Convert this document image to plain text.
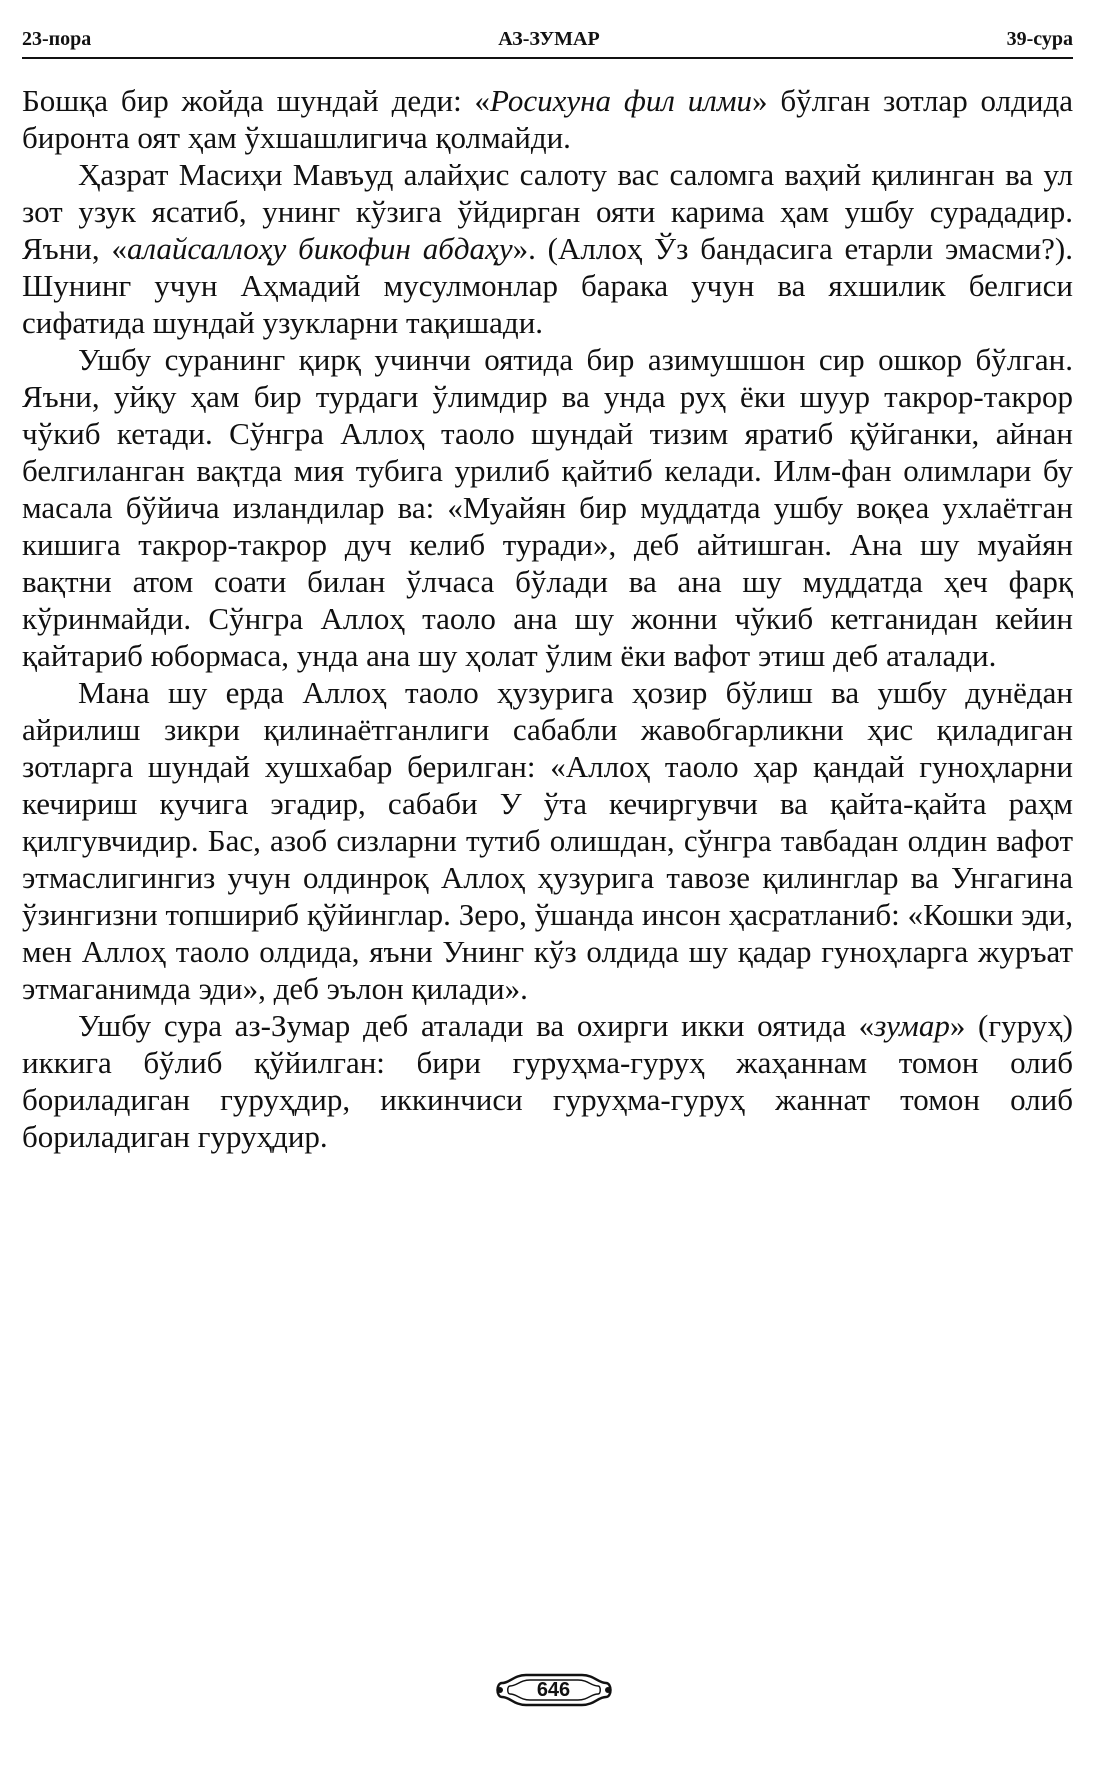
23-пора	АЗ-ЗУМАР	39-сура

Бошқа бир жойда шундай деди: «Росихуна фил илми» бўлган зотлар олдида биронта оят ҳам ўхшашлигича қолмайди.

Ҳазрат Масиҳи Мавъуд алайҳис салоту вас саломга ваҳий қилинган ва ул зот узук ясатиб, унинг кўзига ўйдирган ояти карима ҳам ушбу сурададир. Яъни, «алайсаллоҳу бикофин абдаҳу». (Аллоҳ Ўз бандасига етарли эмасми?). Шунинг учун Аҳмадий мусулмонлар барака учун ва яхшилик белгиси сифатида шундай узукларни тақишади.

Ушбу суранинг қирқ учинчи оятида бир азимушшон сир ошкор бўлган. Яъни, уйқу ҳам бир турдаги ўлимдир ва унда руҳ ёки шуур такрор-такрор чўкиб кетади. Сўнгра Аллоҳ таоло шундай тизим яратиб қўйганки, айнан белгиланган вақтда мия тубига урилиб қайтиб келади. Илм-фан олимлари бу масала бўйича изландилар ва: «Муайян бир муддатда ушбу воқеа ухлаётган кишига такрор-такрор дуч келиб туради», деб айтишган. Ана шу муайян вақтни атом соати билан ўлчаса бўлади ва ана шу муддатда ҳеч фарқ кўринмайди. Сўнгра Аллоҳ таоло ана шу жонни чўкиб кетганидан кейин қайтариб юбормаса, унда ана шу ҳолат ўлим ёки вафот этиш деб аталади.

Мана шу ерда Аллоҳ таоло ҳузурига ҳозир бўлиш ва ушбу дунёдан айрилиш зикри қилинаётганлиги сабабли жавобгарликни ҳис қиладиган зотларга шундай хушхабар берилган: «Аллоҳ таоло ҳар қандай гуноҳларни кечириш кучига эгадир, сабаби У ўта кечиргувчи ва қайта-қайта раҳм қилгувчидир. Бас, азоб сизларни тутиб олишдан, сўнгра тавбадан олдин вафот этмаслигингиз учун олдинроқ Аллоҳ ҳузурига тавозе қилинглар ва Унгагина ўзингизни топшириб қўйинглар. Зеро, ўшанда инсон ҳасратланиб: «Кошки эди, мен Аллоҳ таоло олдида, яъни Унинг кўз олдида шу қадар гуноҳларга журъат этмаганимда эди», деб эълон қилади».

Ушбу сура аз-Зумар деб аталади ва охирги икки оятида «зумар» (гуруҳ) иккига бўлиб қўйилган: бири гуруҳма-гуруҳ жаҳаннам томон олиб бориладиган гуруҳдир, иккинчиси гуруҳма-гуруҳ жаннат томон олиб бориладиган гуруҳдир.

646
